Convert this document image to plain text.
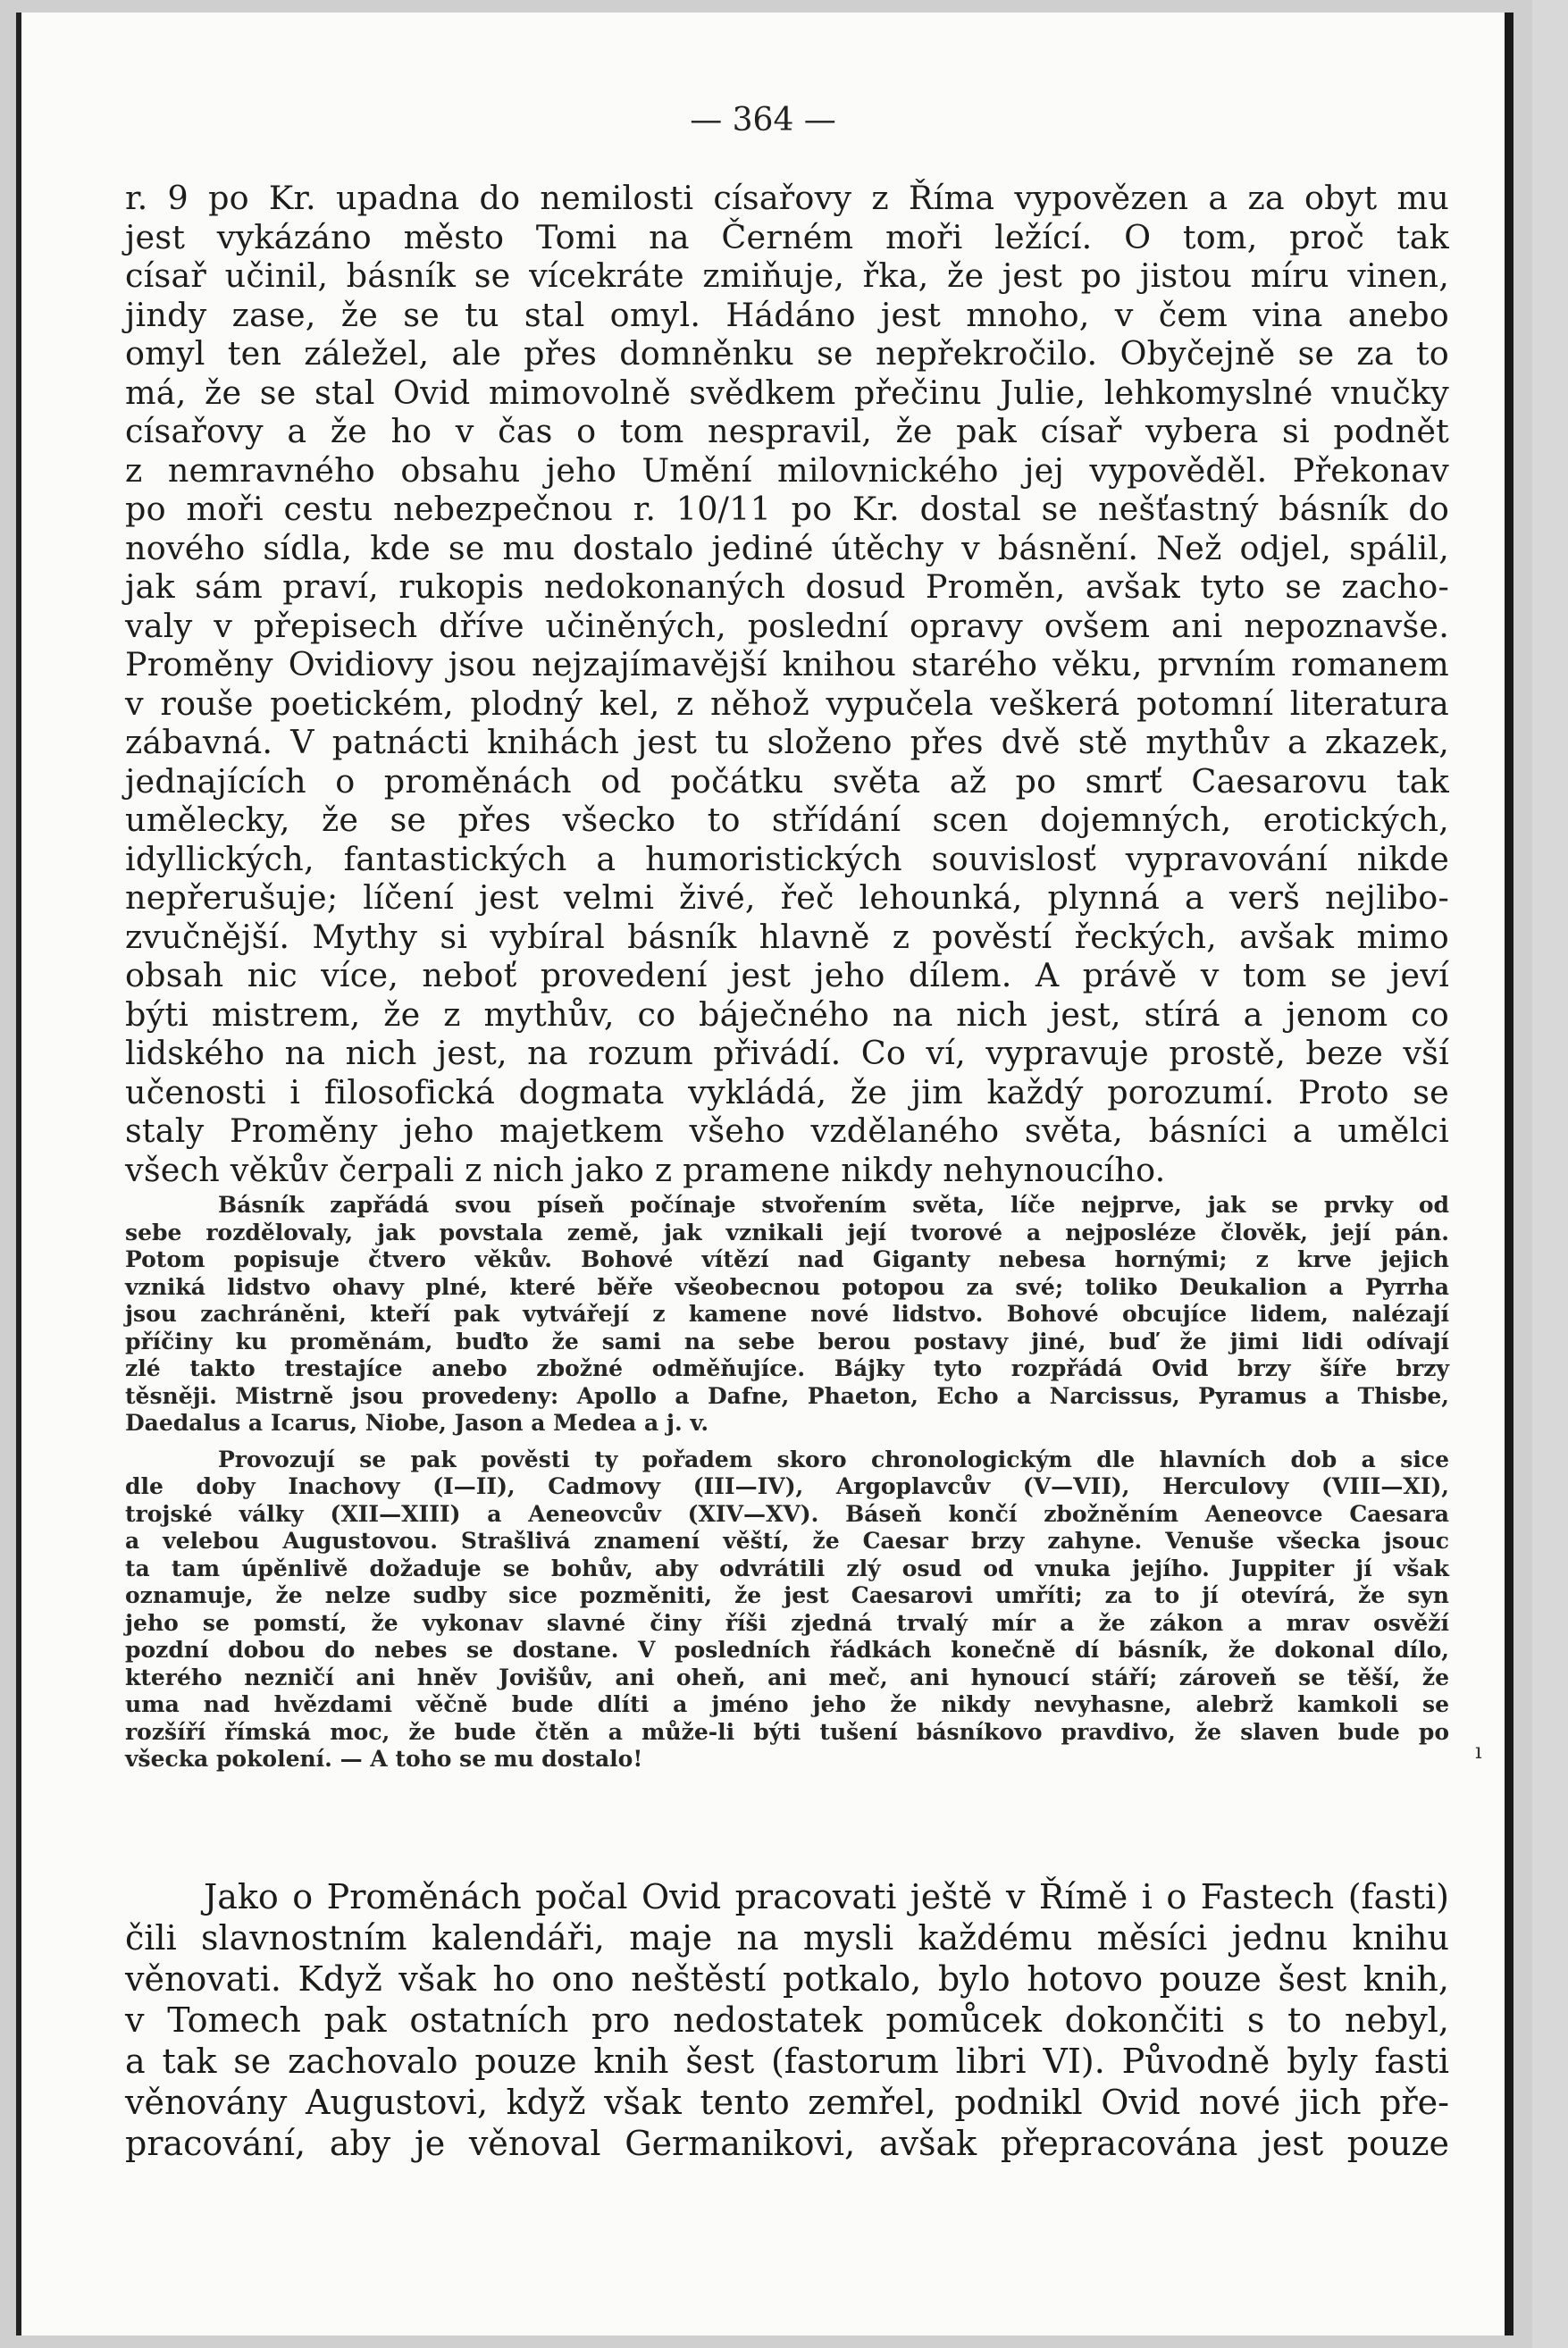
— 364 —
r. 9 po Kr. upadna do nemilosti císařovy z Říma vypovězen a za obyt mu
jest vykázáno město Tomi na Černém moři ležící. O tom, proč tak
císař učinil, básník se vícekráte zmiňuje, řka, že jest po jistou míru vinen,
jindy zase, že se tu stal omyl. Hádáno jest mnoho, v čem vina anebo
omyl ten záležel, ale přes domněnku se nepřekročilo. Obyčejně se za to
má, že se stal Ovid mimovolně svědkem přečinu Julie, lehkomyslné vnučky
císařovy a že ho v čas o tom nespravil, že pak císař vybera si podnět
z nemravného obsahu jeho Umění milovnického jej vypověděl. Překonav
po moři cestu nebezpečnou r. 10/11 po Kr. dostal se nešťastný básník do
nového sídla, kde se mu dostalo jediné útěchy v básnění. Než odjel, spálil,
jak sám praví, rukopis nedokonaných dosud Proměn, avšak tyto se zacho-
valy v přepisech dříve učiněných, poslední opravy ovšem ani nepoznavše.
Proměny Ovidiovy jsou nejzajímavější knihou starého věku, prvním romanem
v rouše poetickém, plodný kel, z něhož vypučela veškerá potomní literatura
zábavná. V patnácti knihách jest tu složeno přes dvě stě mythův a zkazek,
jednajících o proměnách od počátku světa až po smrť Caesarovu tak
umělecky, že se přes všecko to střídání scen dojemných, erotických,
idyllických, fantastických a humoristických souvislosť vypravování nikde
nepřerušuje; líčení jest velmi živé, řeč lehounká, plynná a verš nejlibo-
zvučnější. Mythy si vybíral básník hlavně z pověstí řeckých, avšak mimo
obsah nic více, neboť provedení jest jeho dílem. A právě v tom se jeví
býti mistrem, že z mythův, co báječného na nich jest, stírá a jenom co
lidského na nich jest, na rozum přivádí. Co ví, vypravuje prostě, beze vší
učenosti i filosofická dogmata vykládá, že jim každý porozumí. Proto se
staly Proměny jeho majetkem všeho vzdělaného světa, básníci a umělci
všech věkův čerpali z nich jako z pramene nikdy nehynoucího.
Básník zapřádá svou píseň počínaje stvořením světa, líče nejprve, jak se prvky od
sebe rozdělovaly, jak povstala země, jak vznikali její tvorové a nejposléze člověk, její pán.
Potom popisuje čtvero věkův. Bohové vítězí nad Giganty nebesa hornými; z krve jejich
vzniká lidstvo ohavy plné, které běře všeobecnou potopou za své; toliko Deukalion a Pyrrha
jsou zachráněni, kteří pak vytvářejí z kamene nové lidstvo. Bohové obcujíce lidem, nalézají
příčiny ku proměnám, buďto že sami na sebe berou postavy jiné, buď že jimi lidi odívají
zlé takto trestajíce anebo zbožné odměňujíce. Bájky tyto rozpřádá Ovid brzy šíře brzy
těsněji. Mistrně jsou provedeny: Apollo a Dafne, Phaeton, Echo a Narcissus, Pyramus a Thisbe,
Daedalus a Icarus, Niobe, Jason a Medea a j. v.
Provozují se pak pověsti ty pořadem skoro chronologickým dle hlavních dob a sice
dle doby Inachovy (I—II), Cadmovy (III—IV), Argoplavcův (V—VII), Herculovy (VIII—XI),
trojské války (XII—XIII) a Aeneovcův (XIV—XV). Báseň končí zbožněním Aeneovce Caesara
a velebou Augustovou. Strašlivá znamení věští, že Caesar brzy zahyne. Venuše všecka jsouc
ta tam úpěnlivě dožaduje se bohův, aby odvrátili zlý osud od vnuka jejího. Juppiter jí však
oznamuje, že nelze sudby sice pozměniti, že jest Caesarovi umříti; za to jí otevírá, že syn
jeho se pomstí, že vykonav slavné činy říši zjedná trvalý mír a že zákon a mrav osvěží
pozdní dobou do nebes se dostane. V posledních řádkách konečně dí básník, že dokonal dílo,
kterého nezničí ani hněv Jovišův, ani oheň, ani meč, ani hynoucí stáří; zároveň se těší, že
uma nad hvězdami věčně bude dlíti a jméno jeho že nikdy nevyhasne, alebrž kamkoli se
rozšíří římská moc, že bude čtěn a může-li býti tušení básníkovo pravdivo, že slaven bude po
všecka pokolení. — A toho se mu dostalo!	ı
Jako o Proměnách počal Ovid pracovati ještě v Římě i o Fastech (fasti)
čili slavnostním kalendáři, maje na mysli každému měsíci jednu knihu
věnovati. Když však ho ono neštěstí potkalo, bylo hotovo pouze šest knih,
v Tomech pak ostatních pro nedostatek pomůcek dokončiti s to nebyl,
a tak se zachovalo pouze knih šest (fastorum libri VI). Původně byly fasti
věnovány Augustovi, když však tento zemřel, podnikl Ovid nové jich pře-
pracování, aby je věnoval Germanikovi, avšak přepracována jest pouze
